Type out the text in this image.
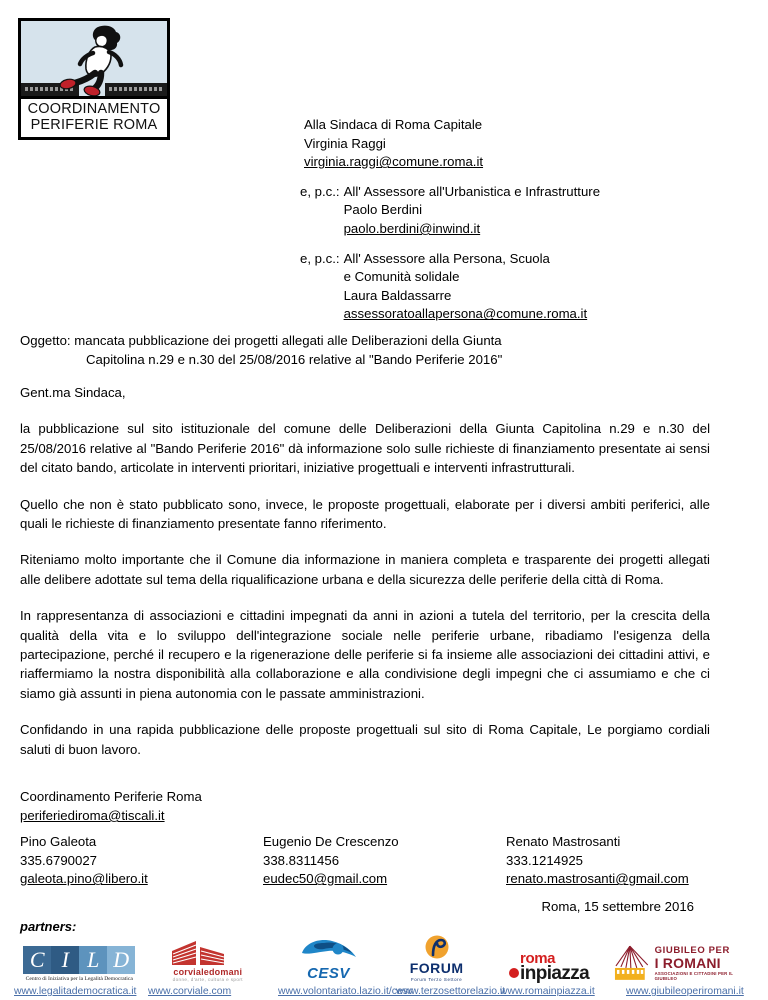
COORDINAMENTO
PERIFERIE ROMA	Alla Sindaca di Roma Capitale
Virginia Raggi
virginia.raggi@comune.roma.it
e, p.c.: All' Assessore all'Urbanistica e Infrastrutture
Paolo Berdini
paolo.berdini@inwind.it
e, p.c.: All' Assessore alla Persona, Scuola
e Comunità solidale
Laura Baldassarre
assessoratoallapersona@comune.roma.it
Oggetto: mancata pubblicazione dei progetti allegati alle Deliberazioni della Giunta
Capitolina n.29 e n.30 del 25/08/2016 relative al "Bando Periferie 2016"

Gent.ma Sindaca,

la pubblicazione sul sito istituzionale del comune delle Deliberazioni della Giunta Capitolina n.29 e n.30 del 25/08/2016 relative al "Bando Periferie 2016" dà informazione solo sulle richieste di finanziamento presentate ai sensi del citato bando, articolate in interventi prioritari, iniziative progettuali e interventi infrastrutturali.

Quello che non è stato pubblicato sono, invece, le proposte progettuali, elaborate per i diversi ambiti periferici, alle quali le richieste di finanziamento presentate fanno riferimento.

Riteniamo molto importante che il Comune dia informazione in maniera completa e trasparente dei progetti allegati alle delibere adottate sul tema della riqualificazione urbana e della sicurezza delle periferie della città di Roma.

In rappresentanza di associazioni e cittadini impegnati da anni in azioni a tutela del territorio, per la crescita della qualità della vita e lo sviluppo dell'integrazione sociale nelle periferie urbane, ribadiamo l'esigenza della partecipazione, perché il recupero e la rigenerazione delle periferie si fa insieme alle associazioni dei cittadini attivi, e riaffermiamo la nostra disponibilità alla collaborazione e alla condivisione degli impegni che ci assumiamo e che ci siamo già assunti in piena autonomia con le passate amministrazioni.

Confidando in una rapida pubblicazione delle proposte progettuali sul sito di Roma Capitale, Le porgiamo cordiali saluti di buon lavoro.

Coordinamento Periferie Roma
periferiediroma@tiscali.it
Pino Galeota
335.6790027
galeota.pino@libero.it
Eugenio De Crescenzo
338.8311456
eudec50@gmail.com
Renato Mastrosanti
333.1214925
renato.mastrosanti@gmail.com
Roma, 15 settembre 2016
partners:
C I L D
Centro di Iniziativa per la Legalità Democratica
corvialedomani
donne, d'arte, cultura e sport	CESV	FORUM
Forum Terzo Settore
roma
inpiazza
GIUBILEO PER
I ROMANI
ASSOCIAZIONI E CITTADINI PER IL GIUBILEO
www.legalitademocratica.it	www.corviale.com	www.volontariato.lazio.it/cesv
www.terzosettorelazio.it
www.romainpiazza.it	www.giubileoperiromani.it
